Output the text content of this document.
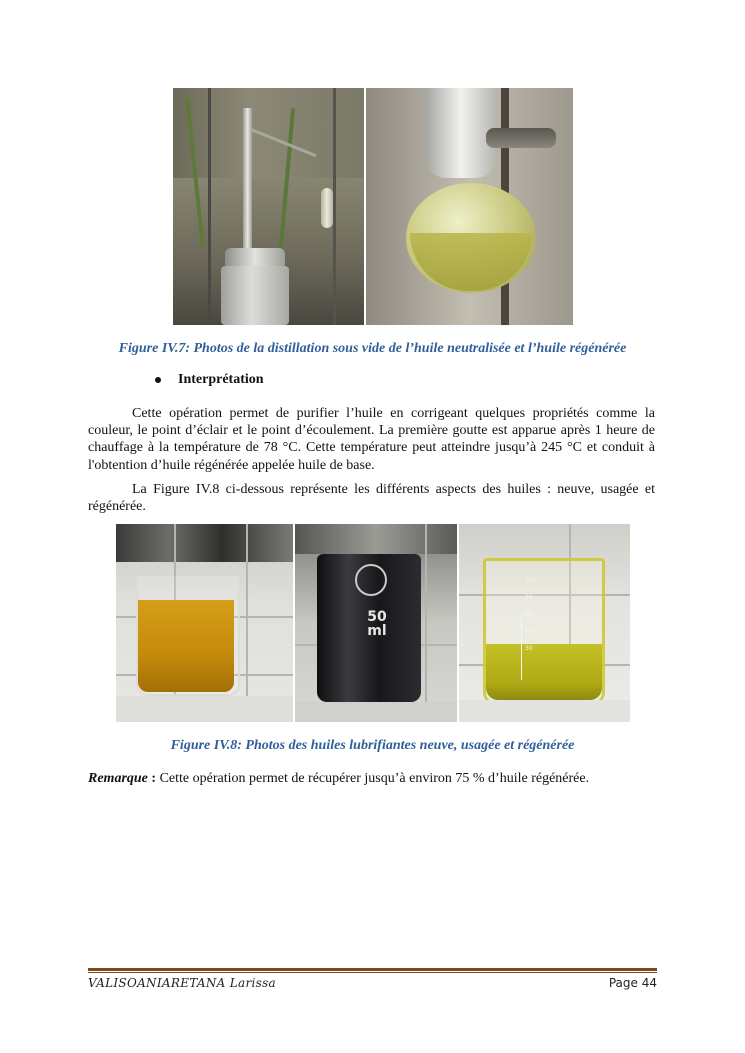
Figure IV.7: Photos de la distillation sous vide de l’huile neutralisée et l’huile régénérée

Interprétation

Cette opération permet de purifier l’huile en corrigeant quelques propriétés comme la couleur, le point d’éclair et le point d’écoulement. La première goutte est apparue après 1 heure de chauffage à la température de 78 °C. Cette température peut atteindre jusqu’à 245 °C et conduit à l'obtention d’huile régénérée appelée huile de base.

La Figure IV.8 ci-dessous représente les différents aspects des huiles : neuve, usagée et régénérée.

50 ml
100
80
60
40
30

Figure IV.8: Photos des huiles lubrifiantes neuve, usagée et régénérée

Remarque : Cette opération permet de récupérer jusqu’à environ 75 % d’huile régénérée.

VALISOANIARETANA Larissa	Page 44
